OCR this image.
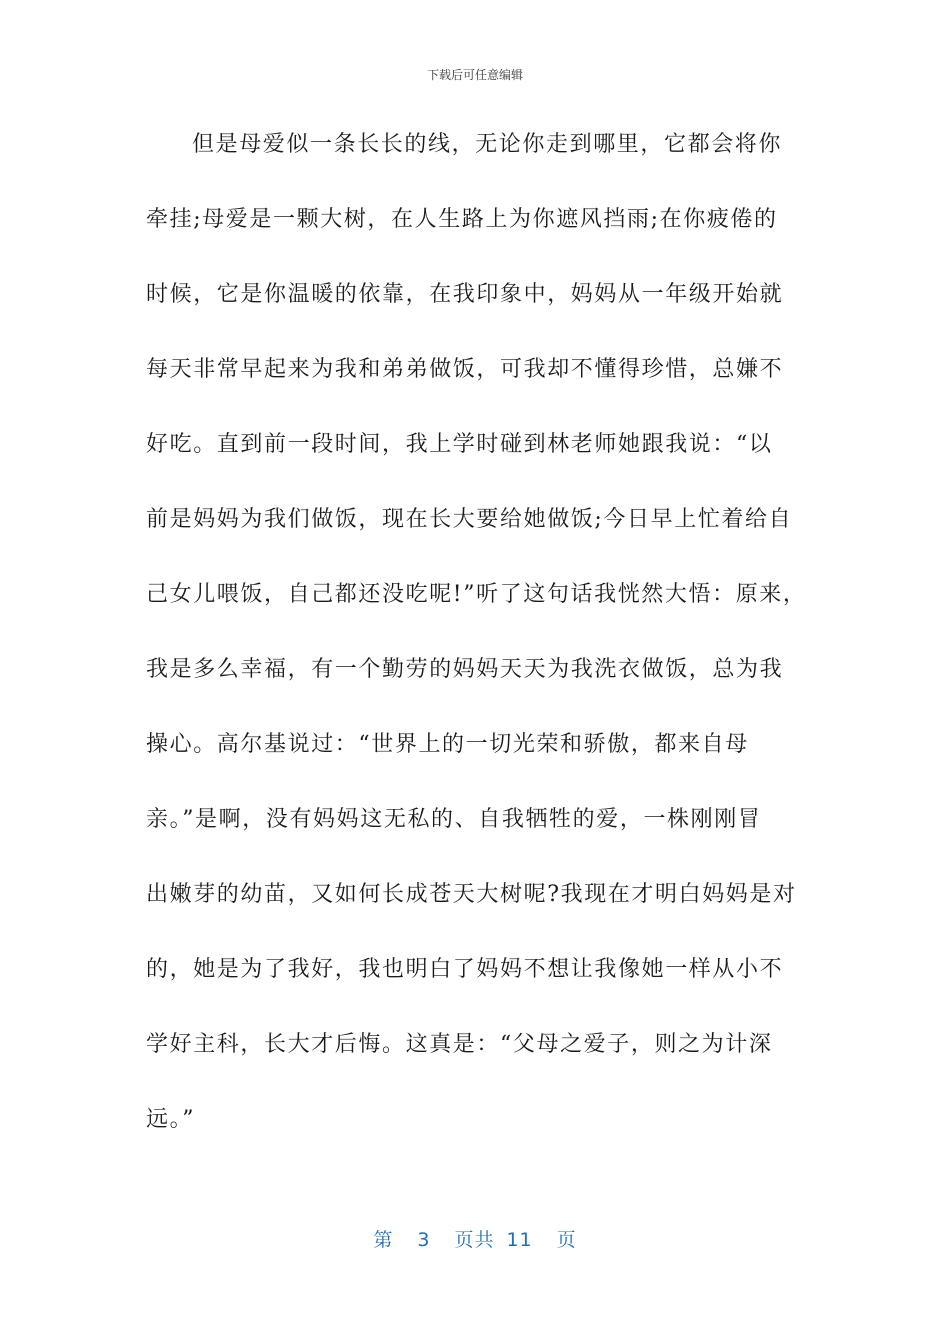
下载后可任意编辑
但是母爱似一条长长的线，无论你走到哪里，它都会将你
牵挂;母爱是一颗大树，在人生路上为你遮风挡雨;在你疲倦的
时候，它是你温暖的依靠，在我印象中，妈妈从一年级开始就
每天非常早起来为我和弟弟做饭，可我却不懂得珍惜，总嫌不
好吃。直到前一段时间，我上学时碰到林老师她跟我说：“以
前是妈妈为我们做饭，现在长大要给她做饭;今日早上忙着给自
己女儿喂饭，自己都还没吃呢!”听了这句话我恍然大悟：原来，
我是多么幸福，有一个勤劳的妈妈天天为我洗衣做饭，总为我
操心。高尔基说过：“世界上的一切光荣和骄傲，都来自母
亲。”是啊，没有妈妈这无私的、自我牺牲的爱，一株刚刚冒
出嫩芽的幼苗，又如何长成苍天大树呢?我现在才明白妈妈是对
的，她是为了我好，我也明白了妈妈不想让我像她一样从小不
学好主科，长大才后悔。这真是：“父母之爱子，则之为计深
远。”
第 3 页共 11 页
